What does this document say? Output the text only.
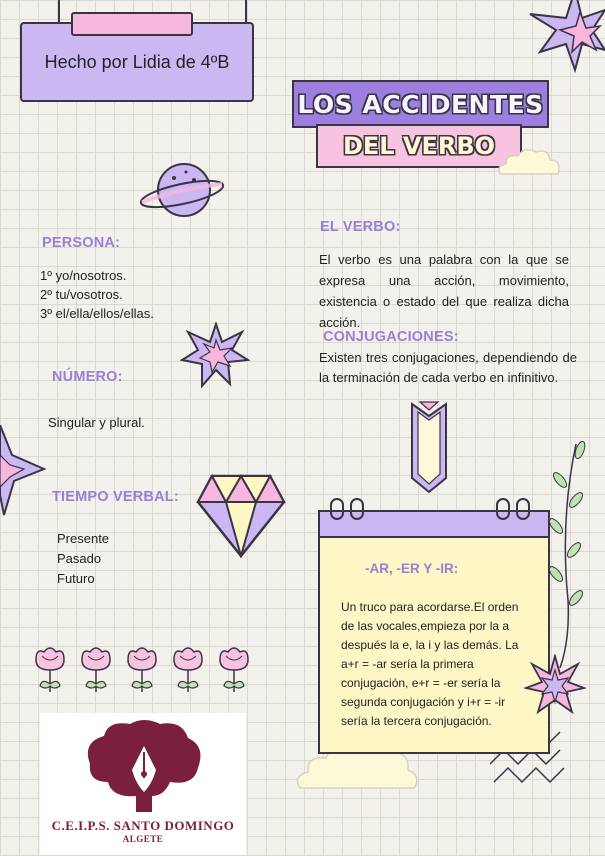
Hecho por Lidia de 4ºB
LOS ACCIDENTES
DEL VERBO
PERSONA:
1º yo/nosotros.
2º tu/vosotros.
3º el/ella/ellos/ellas.
NÚMERO:
Singular y plural.
TIEMPO VERBAL:
Presente
Pasado
Futuro
C.E.I.P.S. SANTO DOMINGO
ALGETE
EL VERBO:
El verbo es una palabra con la que se expresa una acción, movimiento, existencia o estado del que realiza dicha acción.
CONJUGACIONES:
Existen tres conjugaciones, dependiendo de la terminación de cada verbo en infinitivo.
-AR, -ER Y -IR:
Un truco para acordarse.El orden de las vocales,empieza por la a después la e, la i y las demás. La a+r = -ar sería la primera conjugación, e+r = -er sería la segunda conjugación y i+r = -ir sería la tercera conjugación.
